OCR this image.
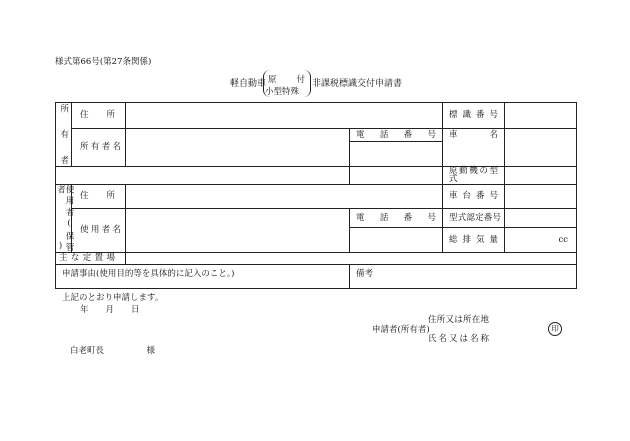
様式第66号(第27条関係)
軽自動車 原　付
小型特殊
非課税標識交付申請書
所有者	住　　所			標識番号	

	所有者名		電　話　番　号	車　　名	

				原動機の型式	

使用者(保管者)	住　　所			車台番号	

	使用者名		電　話　番　号	型式認定番号	

				総排気量	cc

主な定置場					

申請事由(使用目的等を具体的に記入のこと。)			備考		
上記のとおり申請します。
年　　月　　日
住所又は所在地
申請者(所有者)
氏名又は名称
印
白老町長　　　　　様
